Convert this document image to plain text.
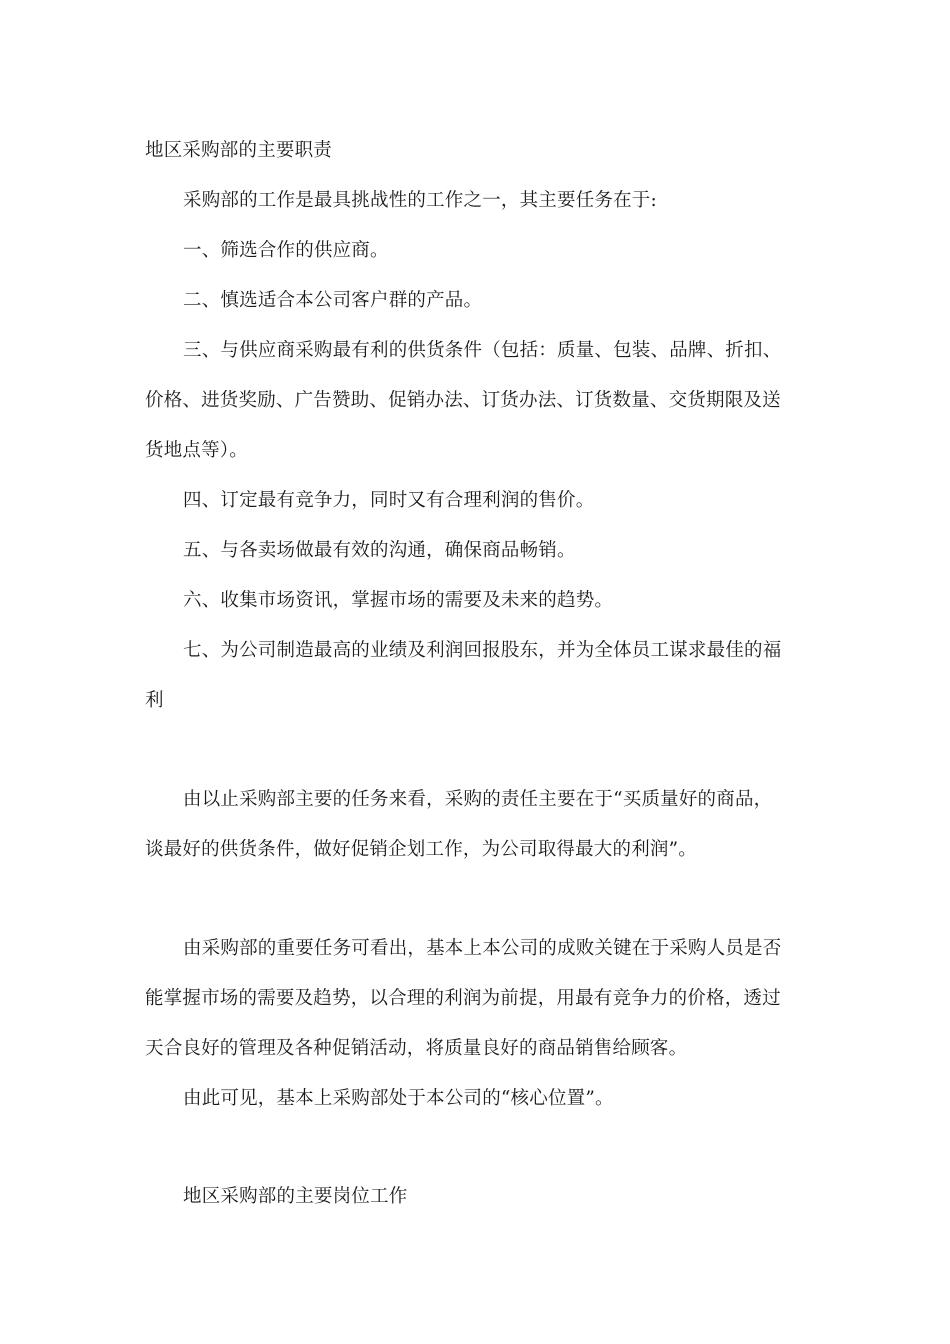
地区采购部的主要职责
采购部的工作是最具挑战性的工作之一，其主要任务在于:
一、筛选合作的供应商。
二、慎选适合本公司客户群的产品。
三、与供应商采购最有利的供货条件（包括：质量、包装、品牌、折扣、
价格、进货奖励、广告赞助、促销办法、订货办法、订货数量、交货期限及送
货地点等）。
四、订定最有竞争力，同时又有合理利润的售价。
五、与各卖场做最有效的沟通，确保商品畅销。
六、收集市场资讯，掌握市场的需要及未来的趋势。
七、为公司制造最高的业绩及利润回报股东，并为全体员工谋求最佳的福
利
由以止采购部主要的任务来看，采购的责任主要在于“买质量好的商品，
谈最好的供货条件，做好促销企划工作，为公司取得最大的利润”。
由采购部的重要任务可看出，基本上本公司的成败关键在于采购人员是否
能掌握市场的需要及趋势，以合理的利润为前提，用最有竞争力的价格，透过
天合良好的管理及各种促销活动，将质量良好的商品销售给顾客。
由此可见，基本上采购部处于本公司的“核心位置”。
地区采购部的主要岗位工作
